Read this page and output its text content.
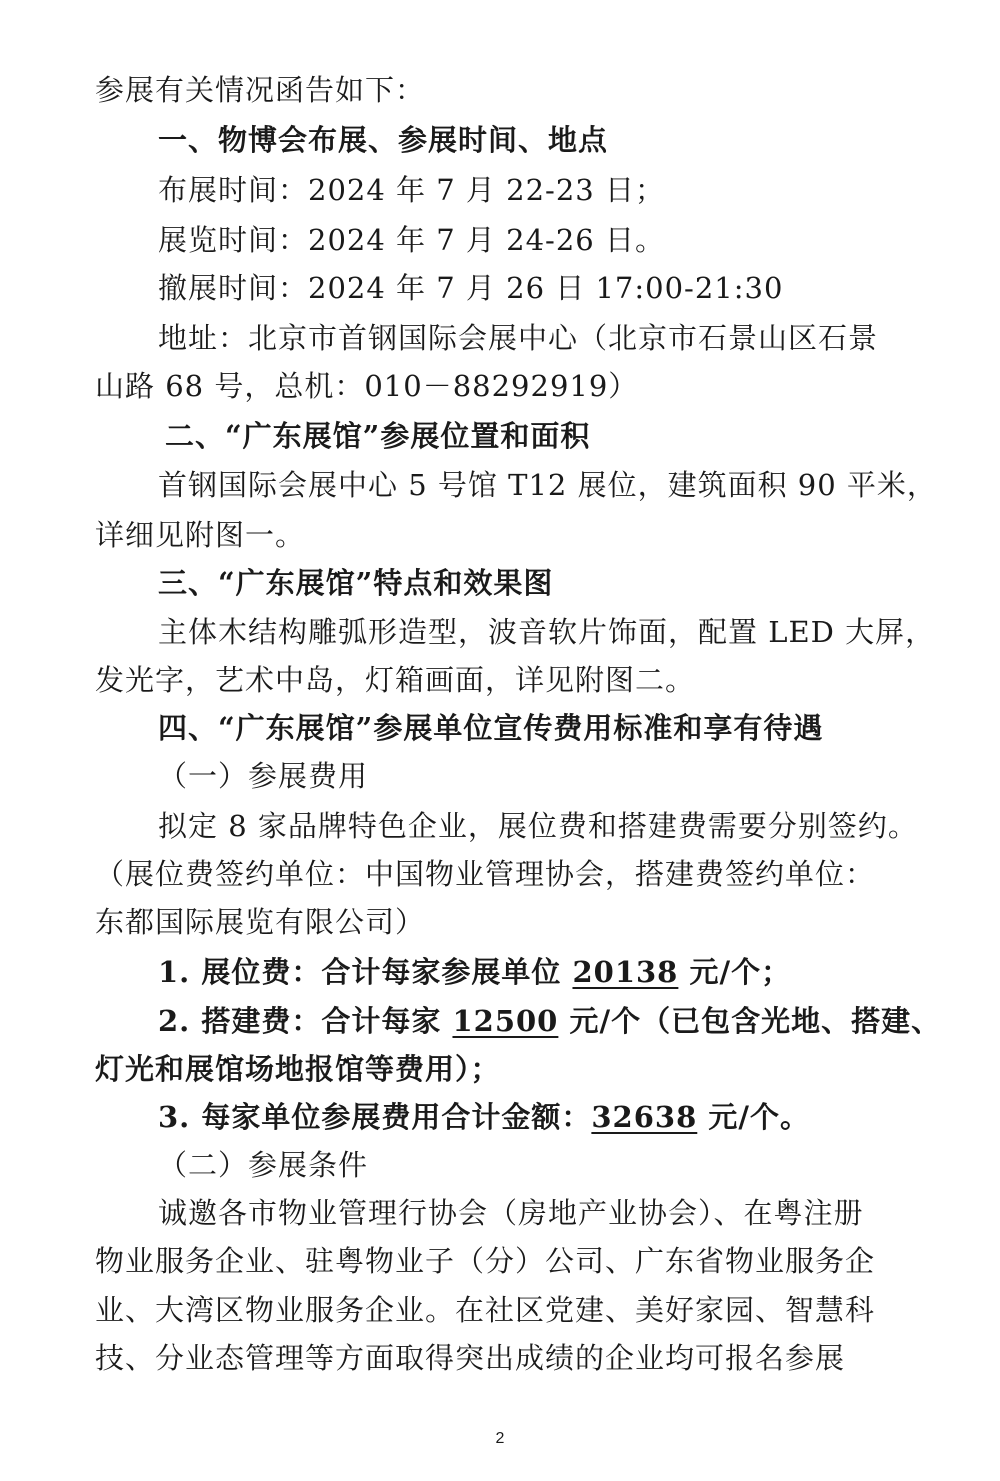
参展有关情况函告如下：
一、物博会布展、参展时间、地点
布展时间：2024 年 7 月 22-23 日；
展览时间：2024 年 7 月 24-26 日。
撤展时间：2024 年 7 月 26 日 17:00-21:30
地址：北京市首钢国际会展中心（北京市石景山区石景
山路 68 号，总机：010－88292919）
二、“广东展馆”参展位置和面积
首钢国际会展中心 5 号馆 T12 展位，建筑面积 90 平米，
详细见附图一。
三、“广东展馆”特点和效果图
主体木结构雕弧形造型，波音软片饰面，配置 LED 大屏，
发光字，艺术中岛，灯箱画面，详见附图二。
四、“广东展馆”参展单位宣传费用标准和享有待遇
（一）参展费用
拟定 8 家品牌特色企业，展位费和搭建费需要分别签约。
（展位费签约单位：中国物业管理协会，搭建费签约单位：
东都国际展览有限公司）
1. 展位费：合计每家参展单位 20138 元/个；
2. 搭建费：合计每家 12500 元/个（已包含光地、搭建、
灯光和展馆场地报馆等费用）；
3. 每家单位参展费用合计金额：32638 元/个。
（二）参展条件
诚邀各市物业管理行协会（房地产业协会）、在粤注册
物业服务企业、驻粤物业子（分）公司、广东省物业服务企
业、大湾区物业服务企业。在社区党建、美好家园、智慧科
技、分业态管理等方面取得突出成绩的企业均可报名参展
2
